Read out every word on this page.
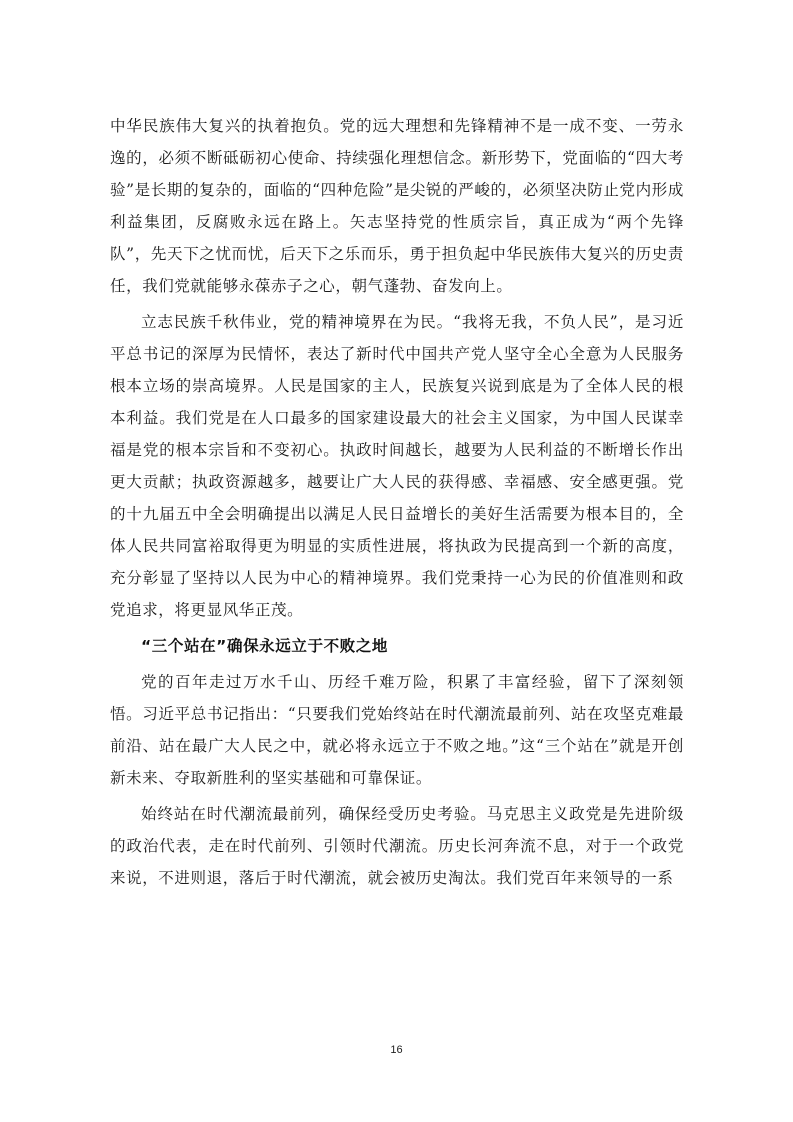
中华民族伟大复兴的执着抱负。党的远大理想和先锋精神不是一成不变、一劳永逸的，必须不断砥砺初心使命、持续强化理想信念。新形势下，党面临的“四大考验”是长期的复杂的，面临的“四种危险”是尖锐的严峻的，必须坚决防止党内形成利益集团，反腐败永远在路上。矢志坚持党的性质宗旨，真正成为“两个先锋队”，先天下之忧而忧，后天下之乐而乐，勇于担负起中华民族伟大复兴的历史责任，我们党就能够永葆赤子之心，朝气蓬勃、奋发向上。

立志民族千秋伟业，党的精神境界在为民。“我将无我，不负人民”，是习近平总书记的深厚为民情怀，表达了新时代中国共产党人坚守全心全意为人民服务根本立场的崇高境界。人民是国家的主人，民族复兴说到底是为了全体人民的根本利益。我们党是在人口最多的国家建设最大的社会主义国家，为中国人民谋幸福是党的根本宗旨和不变初心。执政时间越长，越要为人民利益的不断增长作出更大贡献；执政资源越多，越要让广大人民的获得感、幸福感、安全感更强。党的十九届五中全会明确提出以满足人民日益增长的美好生活需要为根本目的，全体人民共同富裕取得更为明显的实质性进展，将执政为民提高到一个新的高度，充分彰显了坚持以人民为中心的精神境界。我们党秉持一心为民的价值准则和政党追求，将更显风华正茂。

“三个站在”确保永远立于不败之地

党的百年走过万水千山、历经千难万险，积累了丰富经验，留下了深刻领悟。习近平总书记指出：“只要我们党始终站在时代潮流最前列、站在攻坚克难最前沿、站在最广大人民之中，就必将永远立于不败之地。”这“三个站在”就是开创新未来、夺取新胜利的坚实基础和可靠保证。

始终站在时代潮流最前列，确保经受历史考验。马克思主义政党是先进阶级的政治代表，走在时代前列、引领时代潮流。历史长河奔流不息，对于一个政党来说，不进则退，落后于时代潮流，就会被历史淘汰。我们党百年来领导的一系

16
